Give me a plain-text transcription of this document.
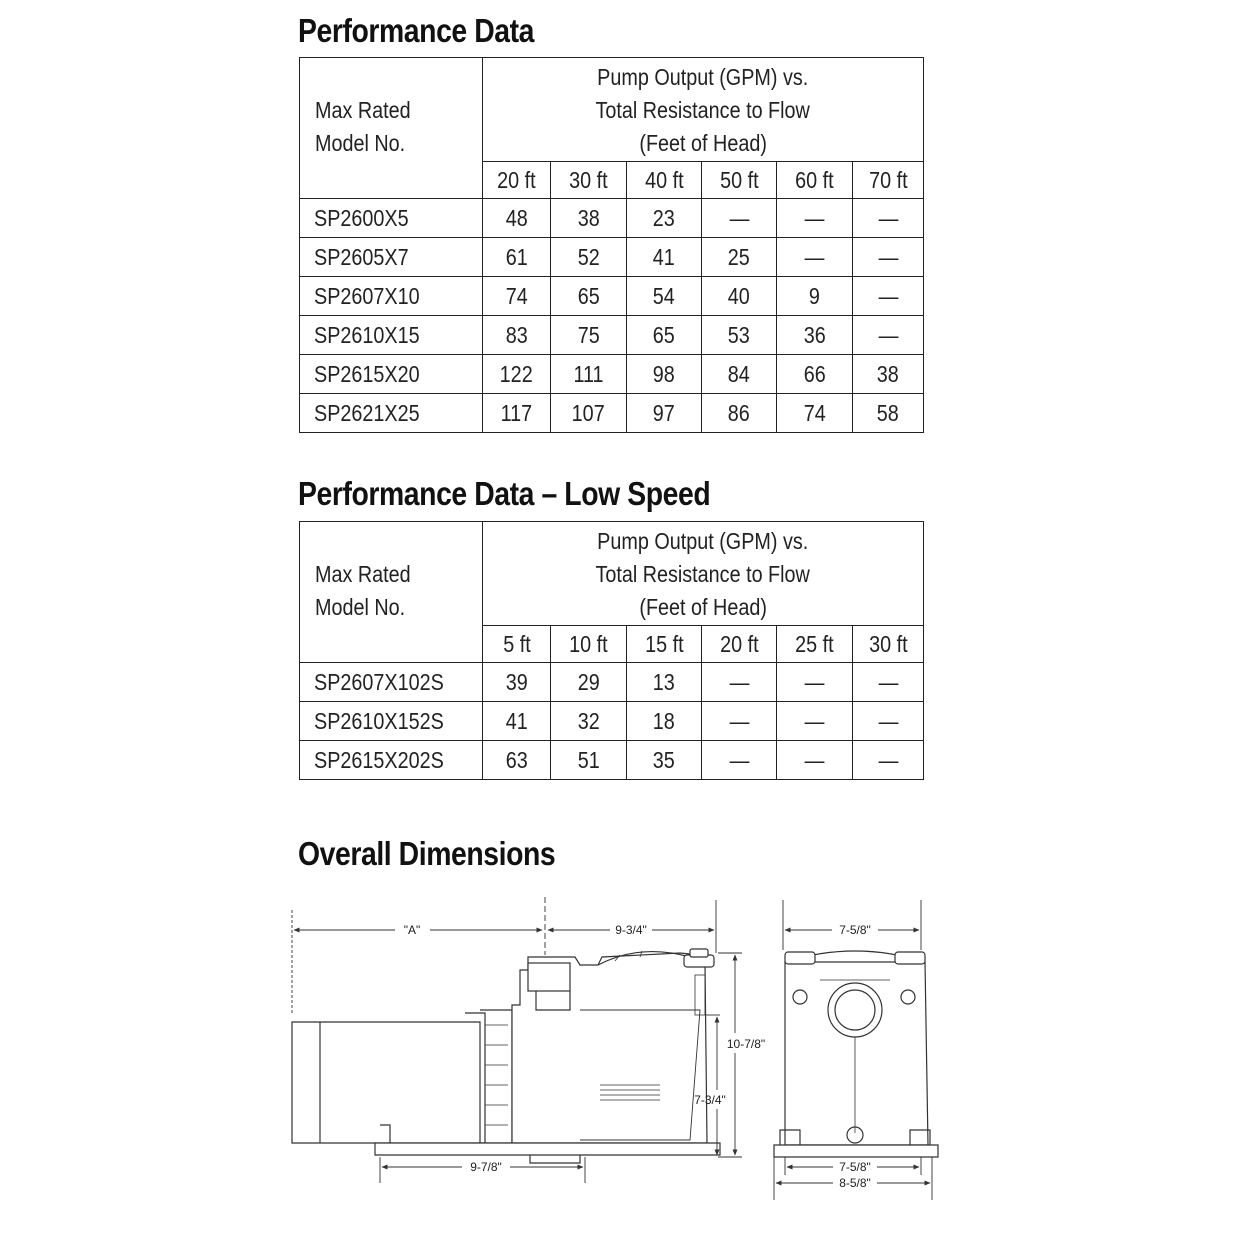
Performance Data
Max Rated
Model No.	Pump Output (GPM) vs.
Total Resistance to Flow
(Feet of Head)					
	20 ft	30 ft	40 ft	50 ft	60 ft	70 ft
SP2600X5	48	38	23	—	—	—
SP2605X7	61	52	41	25	—	—
SP2607X10	74	65	54	40	9	—
SP2610X15	83	75	65	53	36	—
SP2615X20	122	111	98	84	66	38
SP2621X25	117	107	97	86	74	58
Performance Data – Low Speed
Max Rated
Model No.	Pump Output (GPM) vs.
Total Resistance to Flow
(Feet of Head)					
	5 ft	10 ft	15 ft	20 ft	25 ft	30 ft
SP2607X102S	39	29	13	—	—	—
SP2610X152S	41	32	18	—	—	—
SP2615X202S	63	51	35	—	—	—
Overall Dimensions
"A"	9-3/4"
10-7/8"
7-3/4"
9-7/8"
7-5/8"
7-5/8"
8-5/8"
